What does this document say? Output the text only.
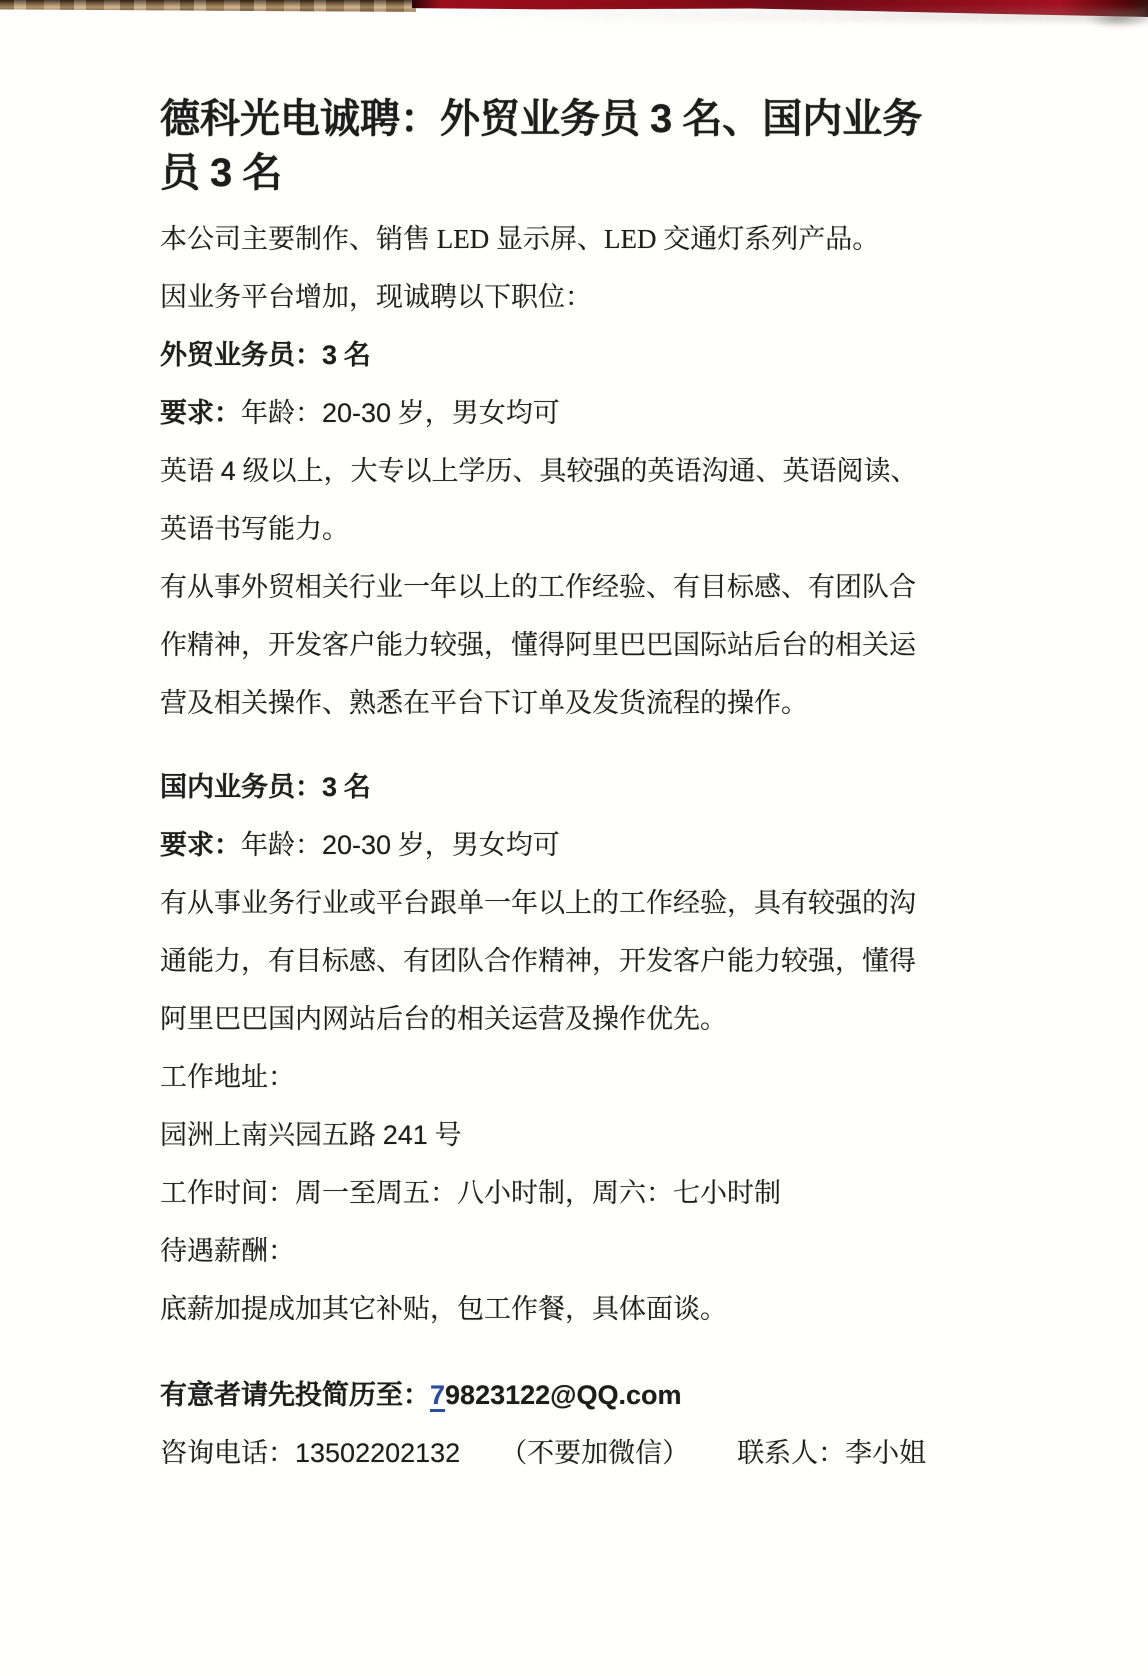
德科光电诚聘：外贸业务员 3 名、国内业务
员 3 名
本公司主要制作、销售 LED 显示屏、LED 交通灯系列产品。
因业务平台增加，现诚聘以下职位：
外贸业务员：3 名
要求：年龄：20-30 岁，男女均可
英语 4 级以上，大专以上学历、具较强的英语沟通、英语阅读、
英语书写能力。
有从事外贸相关行业一年以上的工作经验、有目标感、有团队合
作精神，开发客户能力较强，懂得阿里巴巴国际站后台的相关运
营及相关操作、熟悉在平台下订单及发货流程的操作。
国内业务员：3 名
要求：年龄：20-30 岁，男女均可
有从事业务行业或平台跟单一年以上的工作经验，具有较强的沟
通能力，有目标感、有团队合作精神，开发客户能力较强，懂得
阿里巴巴国内网站后台的相关运营及操作优先。
工作地址：
园洲上南兴园五路 241 号
工作时间：周一至周五：八小时制，周六：七小时制
待遇薪酬：
底薪加提成加其它补贴，包工作餐，具体面谈。
有意者请先投简历至：79823122@QQ.com
咨询电话：13502202132 （不要加微信） 联系人：李小姐
